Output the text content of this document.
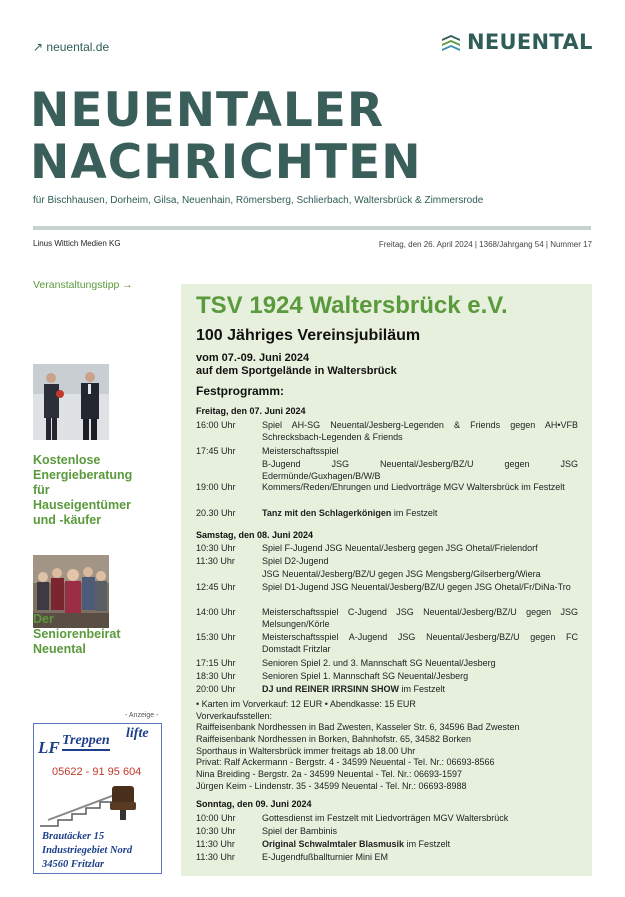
↗ neuental.de	NEUENTAL
NEUENTALER
NACHRICHTEN
für Bischhausen, Dorheim, Gilsa, Neuenhain, Römersberg, Schlierbach, Waltersbrück & Zimmersrode
Linus Wittich Medien KG	Freitag, den 26. April 2024 | 1368/Jahrgang 54 | Nummer 17
Veranstaltungstipp →
Kostenlose Energieberatung für Hauseigentümer und -käufer
Der Seniorenbeirat Neuental
- Anzeige -
LF Treppen lifte
05622 - 91 95 604
Brautäcker 15
Industriegebiet Nord
34560 Fritzlar
TSV 1924 Waltersbrück e.V.
100 Jähriges Vereinsjubiläum
vom 07.-09. Juni 2024
auf dem Sportgelände in Waltersbrück
Festprogramm:
Freitag, den 07. Juni 2024
16:00 Uhr	Spiel AH-SG Neuental/Jesberg-Legenden & Friends gegen AH•VFB Schrecksbach-Legenden & Friends
17:45 Uhr	Meisterschaftsspiel
B-Jugend JSG Neuental/Jesberg/BZ/U gegen JSG Edermünde/Guxhagen/B/W/B
19:00 Uhr	Kommers/Reden/Ehrungen und Liedvorträge MGV Waltersbrück im Festzelt
20.30 Uhr	Tanz mit den Schlagerkönigen im Festzelt
Samstag, den 08. Juni 2024
10:30 Uhr	Spiel F-Jugend JSG Neuental/Jesberg gegen JSG Ohetal/Frielendorf
11:30 Uhr	Spiel D2-Jugend
JSG Neuental/Jesberg/BZ/U gegen JSG Mengsberg/Gilserberg/Wiera
12:45 Uhr	Spiel D1-Jugend JSG Neuental/Jesberg/BZ/U gegen JSG Ohetal/Fr/DiNa-Tro
14:00 Uhr	Meisterschaftsspiel C-Jugend JSG Neuental/Jesberg/BZ/U gegen JSG Melsungen/Körle
15:30 Uhr	Meisterschaftsspiel A-Jugend JSG Neuental/Jesberg/BZ/U gegen FC Domstadt Fritzlar
17:15 Uhr	Senioren Spiel 2. und 3. Mannschaft SG Neuental/Jesberg
18:30 Uhr	Senioren Spiel 1. Mannschaft SG Neuental/Jesberg
20:00 Uhr	DJ und REINER IRRSINN SHOW im Festzelt
• Karten im Vorverkauf: 12 EUR • Abendkasse: 15 EUR
Vorverkaufsstellen:
Raiffeisenbank Nordhessen in Bad Zwesten, Kasseler Str. 6, 34596 Bad Zwesten
Raiffeisenbank Nordhessen in Borken, Bahnhofstr. 65, 34582 Borken
Sporthaus in Waltersbrück immer freitags ab 18.00 Uhr
Privat: Ralf Ackermann - Bergstr. 4 - 34599 Neuental - Tel. Nr.: 06693-8566
Nina Breiding - Bergstr. 2a - 34599 Neuental - Tel. Nr.: 06693-1597
Jürgen Keim - Lindenstr. 35 - 34599 Neuental - Tel. Nr.: 06693-8988
Sonntag, den 09. Juni 2024
10:00 Uhr	Gottesdienst im Festzelt mit Liedvorträgen MGV Waltersbrück
10:30 Uhr	Spiel der Bambinis
11:30 Uhr	Original Schwalmtaler Blasmusik im Festzelt
11:30 Uhr	E-Jugendfußballturnier Mini EM
